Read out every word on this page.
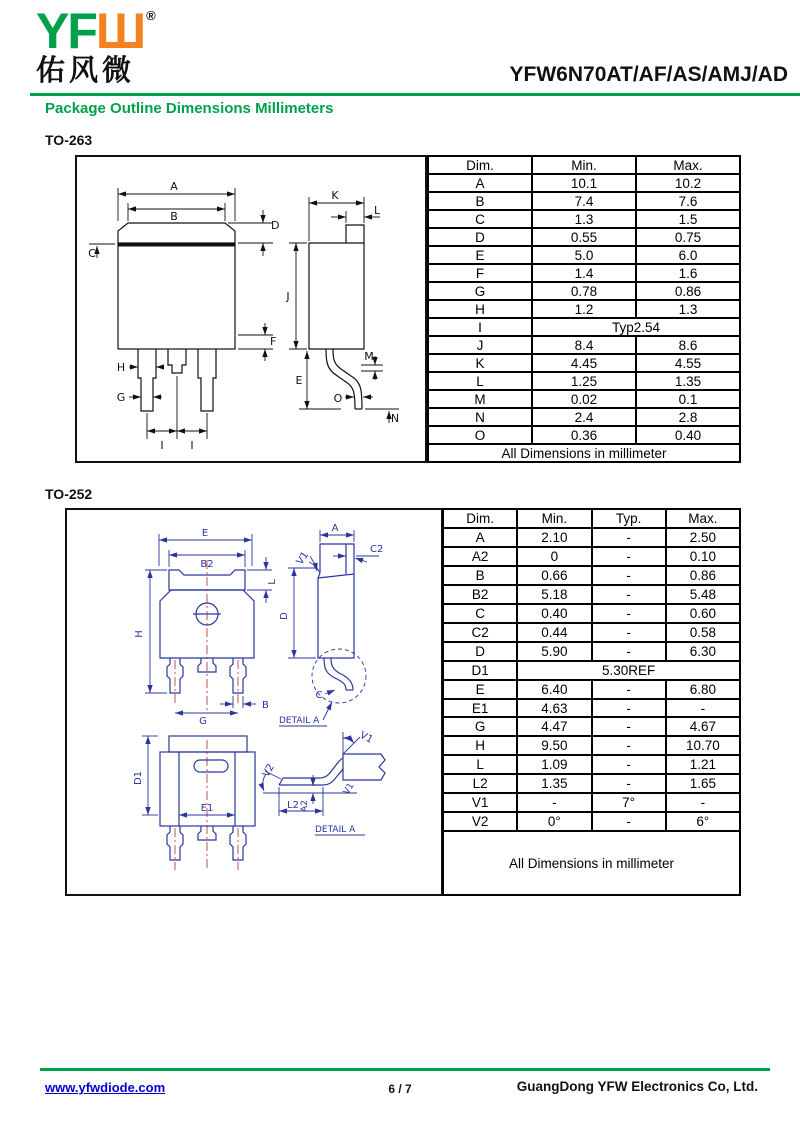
YFШ ®
佑风微	YFW6N70AT/AF/AS/AMJ/AD
Package Outline Dimensions Millimeters
TO-263
A
B
C
D
F
H
G
I I
K
L
J
E
M
O
N
Dim.	Min.	Max.
A	10.1	10.2
B	7.4	7.6
C	1.3	1.5
D	0.55	0.75
E	5.0	6.0
F	1.4	1.6
G	0.78	0.86
H	1.2	1.3
I	Typ2.54	
J	8.4	8.6
K	4.45	4.55
L	1.25	1.35
M	0.02	0.1
N	2.4	2.8
O	0.36	0.40
All Dimensions in millimeter		
TO-252
E
B2
L
H
B
G
A
C2
V1
D
C
D1
E1
V1
V1
V2
A2
L2
DETAIL A
DETAIL A
Dim.	Min.	Typ.	Max.
A	2.10	-	2.50
A2	0	-	0.10
B	0.66	-	0.86
B2	5.18	-	5.48
C	0.40	-	0.60
C2	0.44	-	0.58
D	5.90	-	6.30
D1	5.30REF		
E	6.40	-	6.80
E1	4.63	-	-
G	4.47	-	4.67
H	9.50	-	10.70
L	1.09	-	1.21
L2	1.35	-	1.65
V1	-	7°	-
V2	0°	-	6°
All Dimensions in millimeter			
www.yfwdiode.com	6 / 7	GuangDong YFW Electronics Co, Ltd.
